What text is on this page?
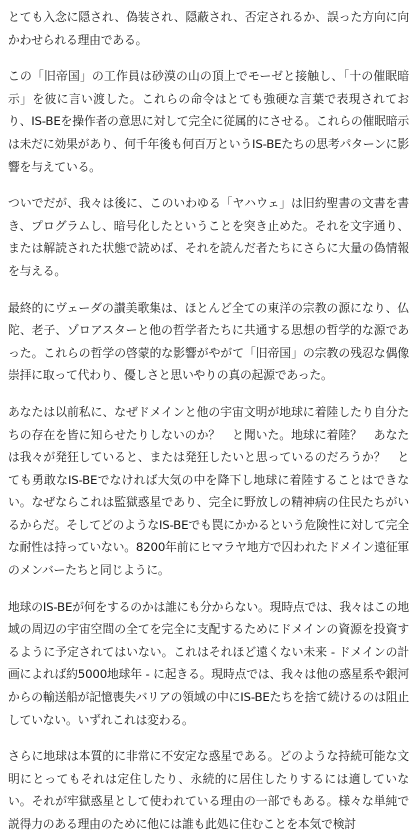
とても入念に隠され、偽装され、隠蔽され、否定されるか、誤った方向に向かわせられる理由である。

この「旧帝国」の工作員は砂漠の山の頂上でモーゼと接触し、「十の催眠暗示」を彼に言い渡した。これらの命令はとても強硬な言葉で表現されており、IS-BEを操作者の意思に対して完全に従属的にさせる。これらの催眠暗示は未だに効果があり、何千年後も何百万というIS-BEたちの思考パターンに影響を与えている。

ついでだが、我々は後に、このいわゆる「ヤハウェ」は旧約聖書の文書を書き、プログラムし、暗号化したということを突き止めた。それを文字通り、または解読された状態で読めば、それを読んだ者たちにさらに大量の偽情報を与える。

最終的にヴェーダの讃美歌集は、ほとんど全ての東洋の宗教の源になり、仏陀、老子、ゾロアスターと他の哲学者たちに共通する思想の哲学的な源であった。これらの哲学の啓蒙的な影響がやがて「旧帝国」の宗教の残忍な偶像崇拝に取って代わり、優しさと思いやりの真の起源であった。

あなたは以前私に、なぜドメインと他の宇宙文明が地球に着陸したり自分たちの存在を皆に知らせたりしないのか？　と聞いた。地球に着陸？　あなたは我々が発狂していると、または発狂したいと思っているのだろうか？　とても勇敢なIS-BEでなければ大気の中を降下し地球に着陸することはできない。なぜならこれは監獄惑星であり、完全に野放しの精神病の住民たちがいるからだ。そしてどのようなIS-BEでも罠にかかるという危険性に対して完全な耐性は持っていない。8200年前にヒマラヤ地方で囚われたドメイン遠征軍のメンバーたちと同じように。

地球のIS-BEが何をするのかは誰にも分からない。現時点では、我々はこの地域の周辺の宇宙空間の全てを完全に支配するためにドメインの資源を投資するように予定されてはいない。これはそれほど遠くない未来 - ドメインの計画によれば約5000地球年 - に起きる。現時点では、我々は他の惑星系や銀河からの輸送船が記憶喪失バリアの領域の中にIS-BEたちを捨て続けるのは阻止していない。いずれこれは変わる。

さらに地球は本質的に非常に不安定な惑星である。どのような持続可能な文明にとってもそれは定住したり、永続的に居住したりするには適していない。それが牢獄惑星として使われている理由の一部でもある。様々な単純で説得力のある理由のために他には誰も此処に住むことを本気で検討
